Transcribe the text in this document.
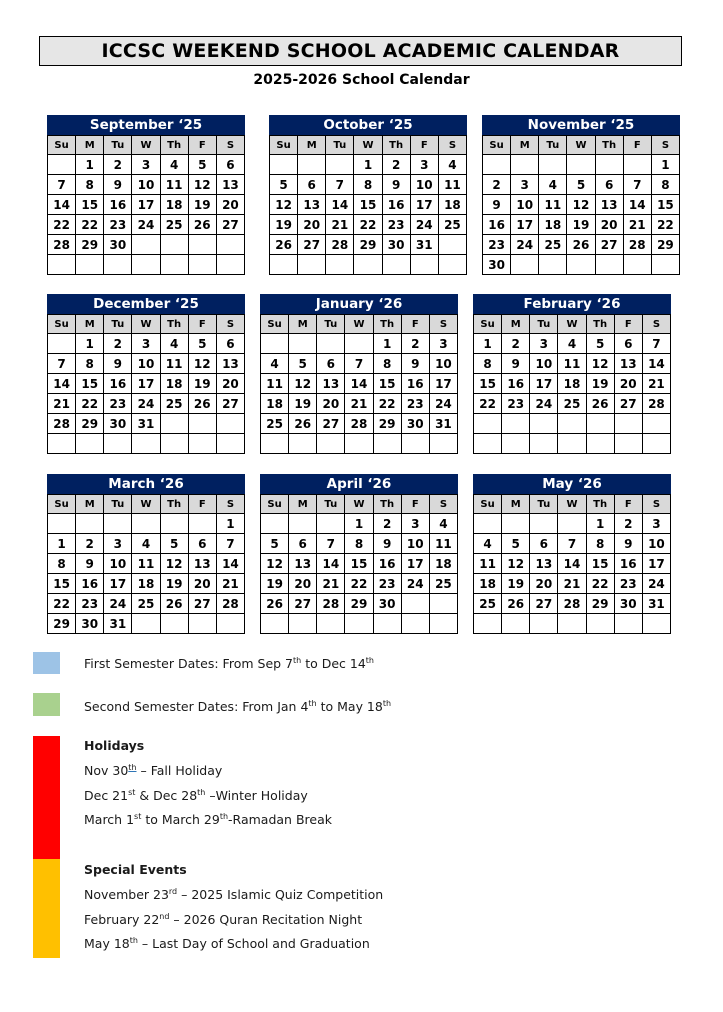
ICCSC WEEKEND SCHOOL ACADEMIC CALENDAR
2025-2026 School Calendar
September ‘25
Su	M	Tu	W	Th	F	S
	1	2	3	4	5	6
7	8	9	10	11	12	13
14	15	16	17	18	19	20
22	22	23	24	25	26	27
28	29	30				

October ‘25
Su	M	Tu	W	Th	F	S
			1	2	3	4
5	6	7	8	9	10	11
12	13	14	15	16	17	18
19	20	21	22	23	24	25
26	27	28	29	30	31	

November ‘25
Su	M	Tu	W	Th	F	S
						1
2	3	4	5	6	7	8
9	10	11	12	13	14	15
16	17	18	19	20	21	22
23	24	25	26	27	28	29
30						
December ‘25
Su	M	Tu	W	Th	F	S
	1	2	3	4	5	6
7	8	9	10	11	12	13
14	15	16	17	18	19	20
21	22	23	24	25	26	27
28	29	30	31			

January ‘26
Su	M	Tu	W	Th	F	S
				1	2	3
4	5	6	7	8	9	10
11	12	13	14	15	16	17
18	19	20	21	22	23	24
25	26	27	28	29	30	31

February ‘26
Su	M	Tu	W	Th	F	S
1	2	3	4	5	6	7
8	9	10	11	12	13	14
15	16	17	18	19	20	21
22	23	24	25	26	27	28

March ‘26
Su	M	Tu	W	Th	F	S
						1
1	2	3	4	5	6	7
8	9	10	11	12	13	14
15	16	17	18	19	20	21
22	23	24	25	26	27	28
29	30	31				
April ‘26
Su	M	Tu	W	Th	F	S
			1	2	3	4
5	6	7	8	9	10	11
12	13	14	15	16	17	18
19	20	21	22	23	24	25
26	27	28	29	30		

May ‘26
Su	M	Tu	W	Th	F	S
				1	2	3
4	5	6	7	8	9	10
11	12	13	14	15	16	17
18	19	20	21	22	23	24
25	26	27	28	29	30	31

First Semester Dates: From Sep 7th to Dec 14th
Second Semester Dates: From Jan 4th to May 18th
Holidays
Nov 30th – Fall Holiday
Dec 21st & Dec 28th –Winter Holiday
March 1st to March 29th-Ramadan Break
Special Events
November 23rd – 2025 Islamic Quiz Competition
February 22nd – 2026 Quran Recitation Night
May 18th – Last Day of School and Graduation
